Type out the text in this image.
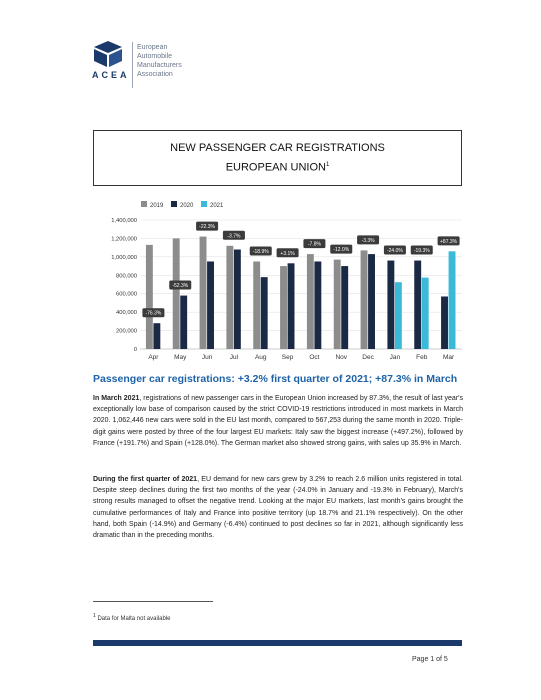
ACEA
European
Automobile
Manufacturers
Association
NEW PASSENGER CAR REGISTRATIONS
EUROPEAN UNION$^1$
2019	2020	2021
0
200,000
400,000
600,000
800,000
1,000,000
1,200,000
1,400,000
-76.3%
Apr
-52.3%
May
-22.3%
Jun
-3.7%
Jul
-18.9%
Aug
+3.1%
Sep
-7.8%
Oct
-12.0%
Nov
-3.3%
Dec
-24.0%
Jan
-19.3%
Feb
+87.3%
Mar
Passenger car registrations: +3.2% first quarter of 2021; +87.3% in March
In March 2021, registrations of new passenger cars in the European Union increased by 87.3%, the result of last year's exceptionally low base of comparison caused by the strict COVID-19 restrictions introduced in most markets in March 2020. 1,062,446 new cars were sold in the EU last month, compared to 567,253 during the same month in 2020. Triple-digit gains were posted by three of the four largest EU markets: Italy saw the biggest increase (+497.2%), followed by France (+191.7%) and Spain (+128.0%). The German market also showed strong gains, with sales up 35.9% in March.
During the first quarter of 2021, EU demand for new cars grew by 3.2% to reach 2.6 million units registered in total. Despite steep declines during the first two months of the year (-24.0% in January and -19.3% in February), March's strong results managed to offset the negative trend. Looking at the major EU markets, last month's gains brought the cumulative performances of Italy and France into positive territory (up 18.7% and 21.1% respectively). On the other hand, both Spain (-14.9%) and Germany (-6.4%) continued to post declines so far in 2021, although significantly less dramatic than in the preceding months.
$^1$ Data for Malta not available
Page 1 of 5
